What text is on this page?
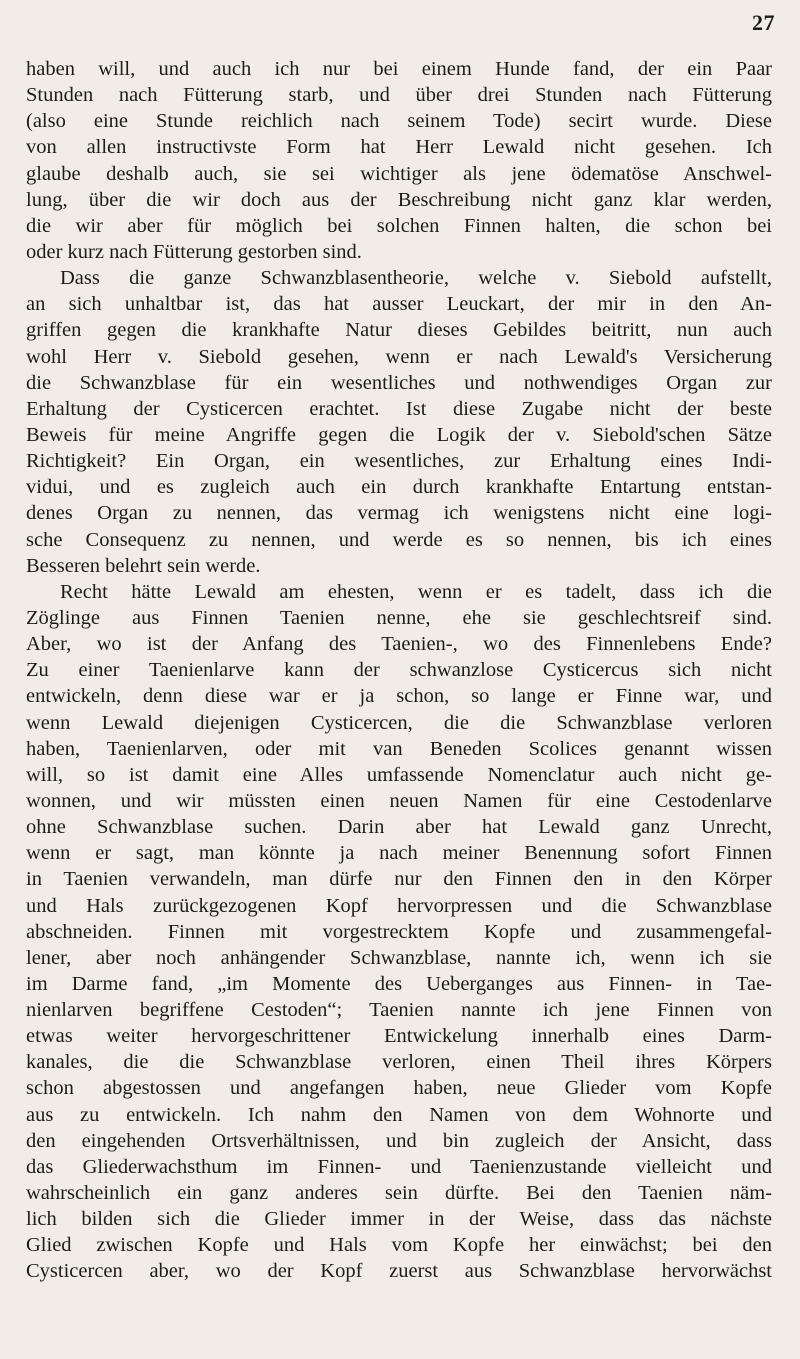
27
haben will, und auch ich nur bei einem Hunde fand, der ein Paar
Stunden nach Fütterung starb, und über drei Stunden nach Fütterung
(also eine Stunde reichlich nach seinem Tode) secirt wurde. Diese
von allen instructivste Form hat Herr Lewald nicht gesehen. Ich
glaube deshalb auch, sie sei wichtiger als jene ödematöse Anschwel-
lung, über die wir doch aus der Beschreibung nicht ganz klar werden,
die wir aber für möglich bei solchen Finnen halten, die schon bei
oder kurz nach Fütterung gestorben sind.
Dass die ganze Schwanzblasentheorie, welche v. Siebold aufstellt,
an sich unhaltbar ist, das hat ausser Leuckart, der mir in den An-
griffen gegen die krankhafte Natur dieses Gebildes beitritt, nun auch
wohl Herr v. Siebold gesehen, wenn er nach Lewald's Versicherung
die Schwanzblase für ein wesentliches und nothwendiges Organ zur
Erhaltung der Cysticercen erachtet. Ist diese Zugabe nicht der beste
Beweis für meine Angriffe gegen die Logik der v. Siebold'schen Sätze
Richtigkeit? Ein Organ, ein wesentliches, zur Erhaltung eines Indi-
vidui, und es zugleich auch ein durch krankhafte Entartung entstan-
denes Organ zu nennen, das vermag ich wenigstens nicht eine logi-
sche Consequenz zu nennen, und werde es so nennen, bis ich eines
Besseren belehrt sein werde.
Recht hätte Lewald am ehesten, wenn er es tadelt, dass ich die
Zöglinge aus Finnen Taenien nenne, ehe sie geschlechtsreif sind.
Aber, wo ist der Anfang des Taenien-, wo des Finnenlebens Ende?
Zu einer Taenienlarve kann der schwanzlose Cysticercus sich nicht
entwickeln, denn diese war er ja schon, so lange er Finne war, und
wenn Lewald diejenigen Cysticercen, die die Schwanzblase verloren
haben, Taenienlarven, oder mit van Beneden Scolices genannt wissen
will, so ist damit eine Alles umfassende Nomenclatur auch nicht ge-
wonnen, und wir müssten einen neuen Namen für eine Cestodenlarve
ohne Schwanzblase suchen. Darin aber hat Lewald ganz Unrecht,
wenn er sagt, man könnte ja nach meiner Benennung sofort Finnen
in Taenien verwandeln, man dürfe nur den Finnen den in den Körper
und Hals zurückgezogenen Kopf hervorpressen und die Schwanzblase
abschneiden. Finnen mit vorgestrecktem Kopfe und zusammengefal-
lener, aber noch anhängender Schwanzblase, nannte ich, wenn ich sie
im Darme fand, „im Momente des Ueberganges aus Finnen- in Tae-
nienlarven begriffene Cestoden“; Taenien nannte ich jene Finnen von
etwas weiter hervorgeschrittener Entwickelung innerhalb eines Darm-
kanales, die die Schwanzblase verloren, einen Theil ihres Körpers
schon abgestossen und angefangen haben, neue Glieder vom Kopfe
aus zu entwickeln. Ich nahm den Namen von dem Wohnorte und
den eingehenden Ortsverhältnissen, und bin zugleich der Ansicht, dass
das Gliederwachsthum im Finnen- und Taenienzustande vielleicht und
wahrscheinlich ein ganz anderes sein dürfte. Bei den Taenien näm-
lich bilden sich die Glieder immer in der Weise, dass das nächste
Glied zwischen Kopfe und Hals vom Kopfe her einwächst; bei den
Cysticercen aber, wo der Kopf zuerst aus Schwanzblase hervorwächst
